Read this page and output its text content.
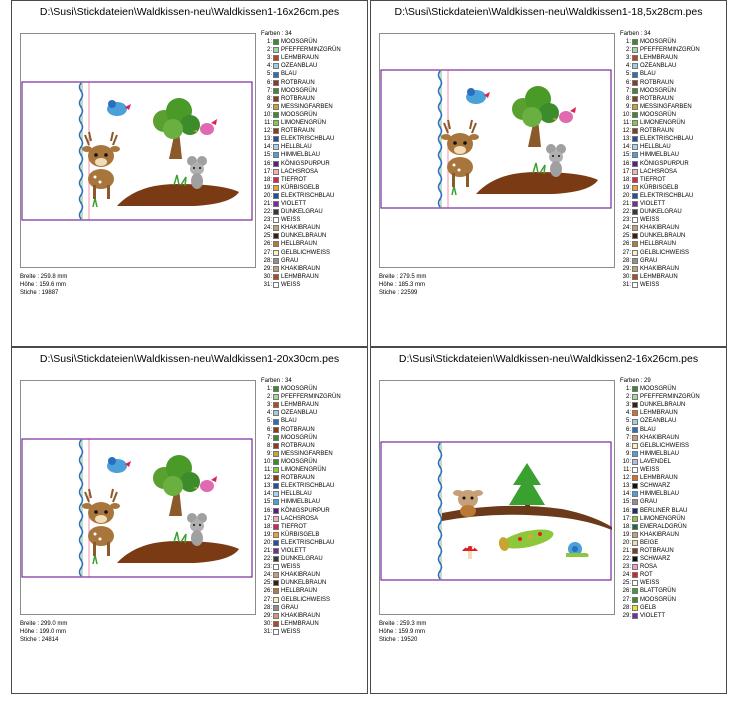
D:\Susi\Stickdateien\Waldkissen-neu\Waldkissen1-16x26cm.pes
Breite : 259.8 mm
Höhe : 159.6 mm
Stiche : 19887
Farben : 34
1: MOOSGRÜN
2: PFEFFERMINZGRÜN
3: LEHMBRAUN
4: OZEANBLAU
5: BLAU
6: ROTBRAUN
7: MOOSGRÜN
8: ROTBRAUN
9: MESSINGFARBEN
10: MOOSGRÜN
11: LIMONENGRÜN
12: ROTBRAUN
13: ELEKTRISCHBLAU
14: HELLBLAU
15: HIMMELBLAU
16: KÖNIGSPURPUR
17: LACHSROSA
18: TIEFROT
19: KÜRBISGELB
20: ELEKTRISCHBLAU
21: VIOLETT
22: DUNKELGRAU
23: WEISS
24: KHAKIBRAUN
25: DUNKELBRAUN
26: HELLBRAUN
27: GELBLICHWEISS
28: GRAU
29: KHAKIBRAUN
30: LEHMBRAUN
31: WEISS
D:\Susi\Stickdateien\Waldkissen-neu\Waldkissen1-18,5x28cm.pes
Breite : 279.5 mm
Höhe : 185.3 mm
Stiche : 22599
Farben : 34
1: MOOSGRÜN
2: PFEFFERMINZGRÜN
3: LEHMBRAUN
4: OZEANBLAU
5: BLAU
6: ROTBRAUN
7: MOOSGRÜN
8: ROTBRAUN
9: MESSINGFARBEN
10: MOOSGRÜN
11: LIMONENGRÜN
12: ROTBRAUN
13: ELEKTRISCHBLAU
14: HELLBLAU
15: HIMMELBLAU
16: KÖNIGSPURPUR
17: LACHSROSA
18: TIEFROT
19: KÜRBISGELB
20: ELEKTRISCHBLAU
21: VIOLETT
22: DUNKELGRAU
23: WEISS
24: KHAKIBRAUN
25: DUNKELBRAUN
26: HELLBRAUN
27: GELBLICHWEISS
28: GRAU
29: KHAKIBRAUN
30: LEHMBRAUN
31: WEISS
D:\Susi\Stickdateien\Waldkissen-neu\Waldkissen1-20x30cm.pes
Breite : 299.0 mm
Höhe : 199.0 mm
Stiche : 24814
Farben : 34
1: MOOSGRÜN
2: PFEFFERMINZGRÜN
3: LEHMBRAUN
4: OZEANBLAU
5: BLAU
6: ROTBRAUN
7: MOOSGRÜN
8: ROTBRAUN
9: MESSINGFARBEN
10: MOOSGRÜN
11: LIMONENGRÜN
12: ROTBRAUN
13: ELEKTRISCHBLAU
14: HELLBLAU
15: HIMMELBLAU
16: KÖNIGSPURPUR
17: LACHSROSA
18: TIEFROT
19: KÜRBISGELB
20: ELEKTRISCHBLAU
21: VIOLETT
22: DUNKELGRAU
23: WEISS
24: KHAKIBRAUN
25: DUNKELBRAUN
26: HELLBRAUN
27: GELBLICHWEISS
28: GRAU
29: KHAKIBRAUN
30: LEHMBRAUN
31: WEISS
D:\Susi\Stickdateien\Waldkissen-neu\Waldkissen2-16x26cm.pes
Breite : 259.3 mm
Höhe : 159.9 mm
Stiche : 19520
Farben : 29
1: MOOSGRÜN
2: PFEFFERMINZGRÜN
3: DUNKELBRAUN
4: LEHMBRAUN
5: OZEANBLAU
6: BLAU
7: KHAKIBRAUN
8: GELBLICHWEISS
9: HIMMELBLAU
10: LAVENDEL
11: WEISS
12: LEHMBRAUN
13: SCHWARZ
14: HIMMELBLAU
15: GRAU
16: BERLINER BLAU
17: LIMONENGRÜN
18: EMERALDGRÜN
19: KHAKIBRAUN
20: BEIGE
21: ROTBRAUN
22: SCHWARZ
23: ROSA
24: ROT
25: WEISS
26: BLATTGRÜN
27: MOOSGRÜN
28: GELB
29: VIOLETT
